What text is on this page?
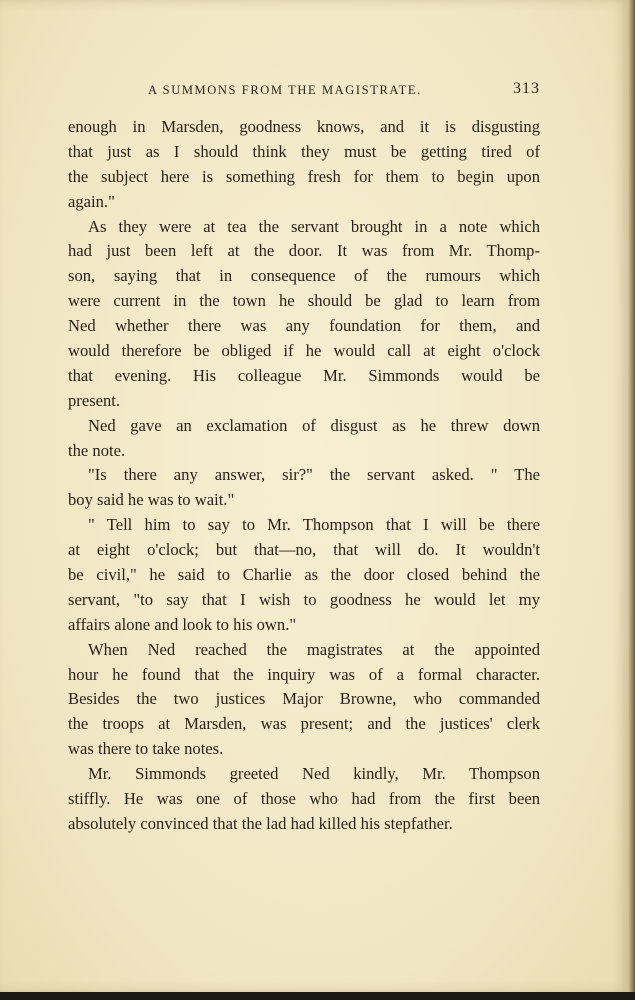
A SUMMONS FROM THE MAGISTRATE.	313
enough in Marsden, goodness knows, and it is disgusting
that just as I should think they must be getting tired of
the subject here is something fresh for them to begin upon
again."
As they were at tea the servant brought in a note which
had just been left at the door. It was from Mr. Thomp-
son, saying that in consequence of the rumours which
were current in the town he should be glad to learn from
Ned whether there was any foundation for them, and
would therefore be obliged if he would call at eight o'clock
that evening. His colleague Mr. Simmonds would be
present.
Ned gave an exclamation of disgust as he threw down
the note.
"Is there any answer, sir?" the servant asked. " The
boy said he was to wait."
" Tell him to say to Mr. Thompson that I will be there
at eight o'clock; but that—no, that will do. It wouldn't
be civil," he said to Charlie as the door closed behind the
servant, "to say that I wish to goodness he would let my
affairs alone and look to his own."
When Ned reached the magistrates at the appointed
hour he found that the inquiry was of a formal character.
Besides the two justices Major Browne, who commanded
the troops at Marsden, was present; and the justices' clerk
was there to take notes.
Mr. Simmonds greeted Ned kindly, Mr. Thompson
stiffly. He was one of those who had from the first been
absolutely convinced that the lad had killed his stepfather.
